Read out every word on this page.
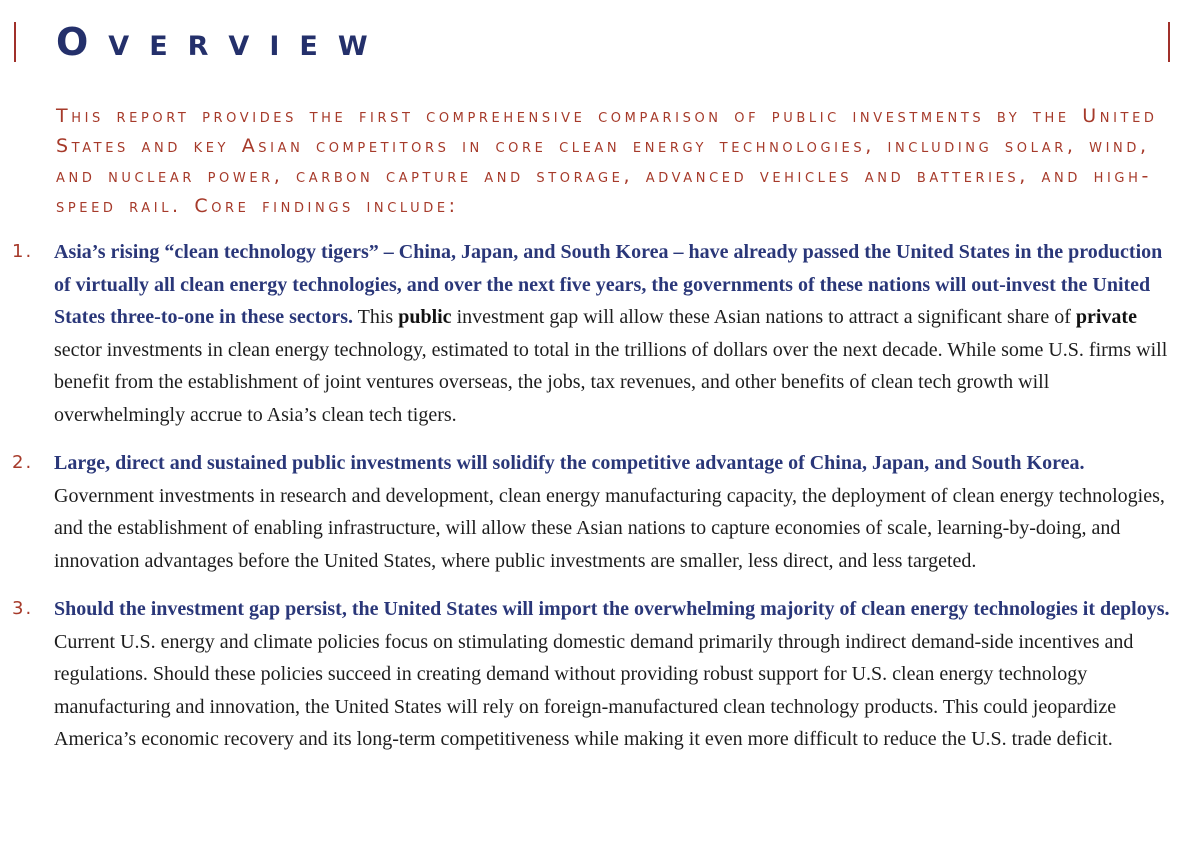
Overview

This report provides the first comprehensive comparison of public investments by the United States and key Asian competitors in core clean energy technologies, including solar, wind, and nuclear power, carbon capture and storage, advanced vehicles and batteries, and high-speed rail. Core findings include:

1. Asia’s rising “clean technology tigers” – China, Japan, and South Korea – have already passed the United States in the production of virtually all clean energy technologies, and over the next five years, the governments of these nations will out-invest the United States three-to-one in these sectors. This public investment gap will allow these Asian nations to attract a significant share of private sector investments in clean energy technology, estimated to total in the trillions of dollars over the next decade. While some U.S. firms will benefit from the establishment of joint ventures overseas, the jobs, tax revenues, and other benefits of clean tech growth will overwhelmingly accrue to Asia’s clean tech tigers.
2. Large, direct and sustained public investments will solidify the competitive advantage of China, Japan, and South Korea. Government investments in research and development, clean energy manufacturing capacity, the deployment of clean energy technologies, and the establishment of enabling infrastructure, will allow these Asian nations to capture economies of scale, learning-by-doing, and innovation advantages before the United States, where public investments are smaller, less direct, and less targeted.
3. Should the investment gap persist, the United States will import the overwhelming majority of clean energy technologies it deploys. Current U.S. energy and climate policies focus on stimulating domestic demand primarily through indirect demand-side incentives and regulations. Should these policies succeed in creating demand without providing robust support for U.S. clean energy technology manufacturing and innovation, the United States will rely on foreign-manufactured clean technology products. This could jeopardize America’s economic recovery and its long-term competitiveness while making it even more difficult to reduce the U.S. trade deficit.
